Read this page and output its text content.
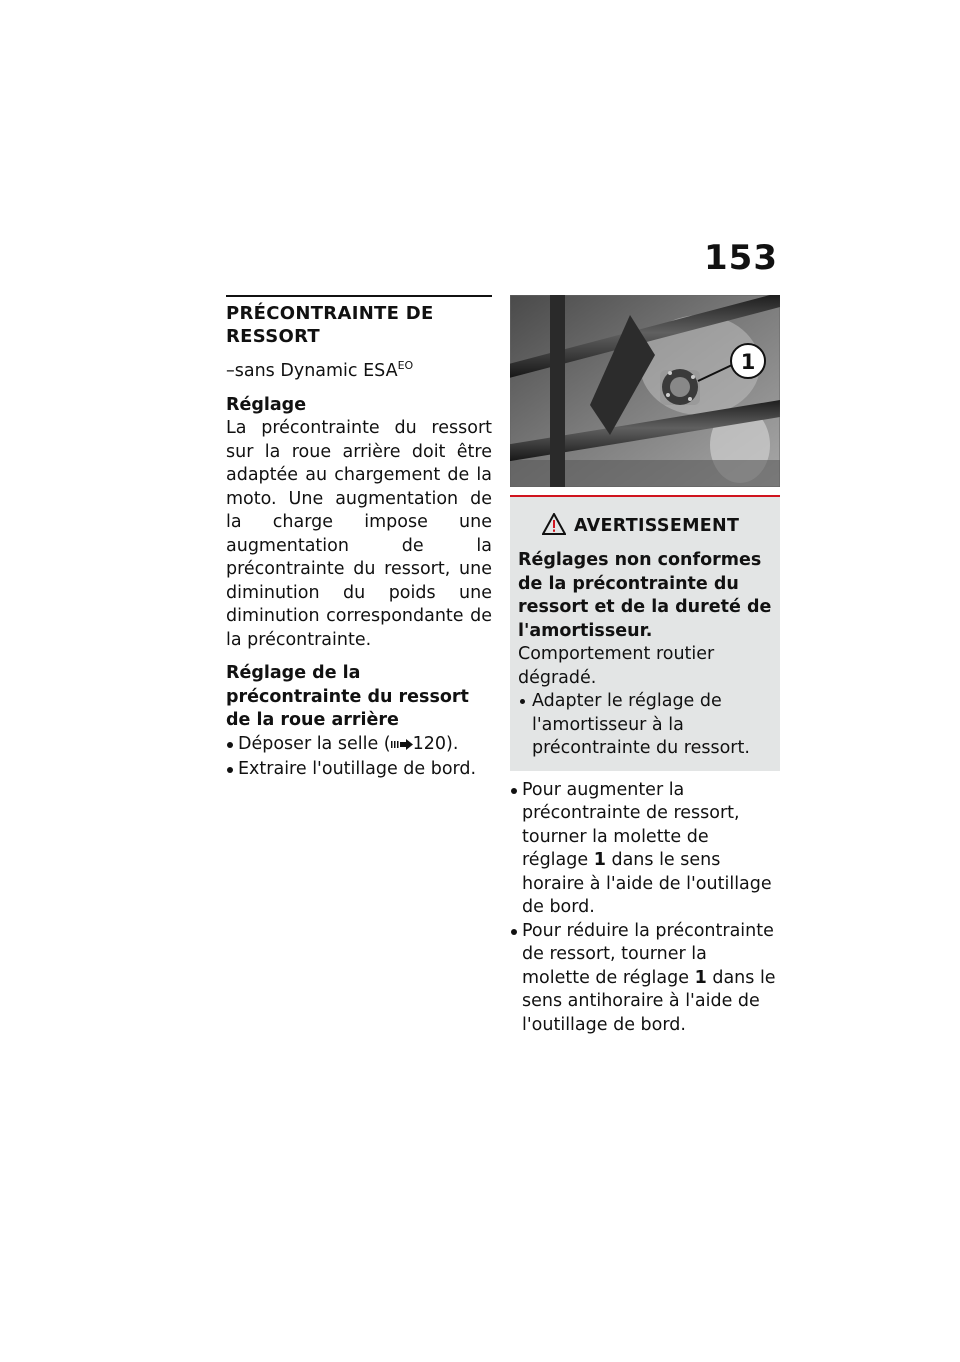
153
PRÉCONTRAINTE DE RESSORT
–sans Dynamic $ESA^{EO}$
Réglage
La précontrainte du ressort sur la roue arrière doit être adaptée au chargement de la moto. Une augmentation de la charge impose une augmentation de la précontrainte du ressort, une diminution du poids une diminution correspondante de la précontrainte.
Réglage de la précontrainte du ressort de la roue arrière
Déposer la selle ( 120).
Extraire l'outillage de bord.
1
AVERTISSEMENT
Réglages non conformes de la précontrainte du ressort et de la dureté de l'amortisseur.
Comportement routier dégradé.
Adapter le réglage de l'amortisseur à la précontrainte du ressort.
Pour augmenter la précontrainte de ressort, tourner la molette de réglage 1 dans le sens horaire à l'aide de l'outillage de bord.
Pour réduire la précontrainte de ressort, tourner la molette de réglage 1 dans le sens antihoraire à l'aide de l'outillage de bord.
